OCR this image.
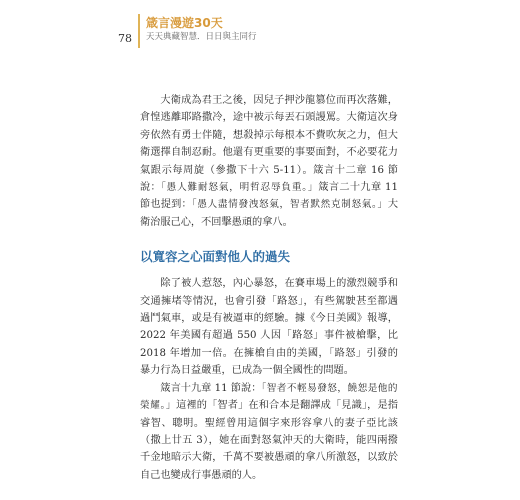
78
箴言漫遊30天
天天典藏智慧．日日與主同行

大衛成為君王之後，因兒子押沙龍篡位而再次落難，倉惶逃離耶路撒冷，途中被示每丟石頭謾罵。大衛這次身旁依然有勇士伴隨，想殺掉示每根本不費吹灰之力，但大衛選擇自制忍耐。他還有更重要的事要面對，不必要花力氣跟示每周旋（參撒下十六 5-11）。箴言十二章 16 節說：「愚人難耐怒氣，明哲忍辱負重。」箴言二十九章 11 節也提到：「愚人盡情發洩怒氣，智者默然克制怒氣。」大衛治服己心，不回擊愚頑的拿八。

以寬容之心面對他人的過失

除了被人惹怒，內心暴怒，在賽車場上的激烈競爭和交通擁堵等情況，也會引發「路怒」，有些駕駛甚至都遇過鬥氣車，或是有被逼車的經驗。據《今日美國》報導，2022 年美國有超過 550 人因「路怒」事件被槍擊，比 2018 年增加一倍。在擁槍自由的美國，「路怒」引發的暴力行為日益嚴重，已成為一個全國性的問題。

箴言十九章 11 節說：「智者不輕易發怒，饒恕是他的榮耀。」這裡的「智者」在和合本是翻譯成「見識」，是指睿智、聰明。聖經曾用這個字來形容拿八的妻子亞比該（撒上廿五 3），她在面對怒氣沖天的大衛時，能四兩撥千金地暗示大衛，千萬不要被愚頑的拿八所激怒，以致於自己也變成行事愚頑的人。
